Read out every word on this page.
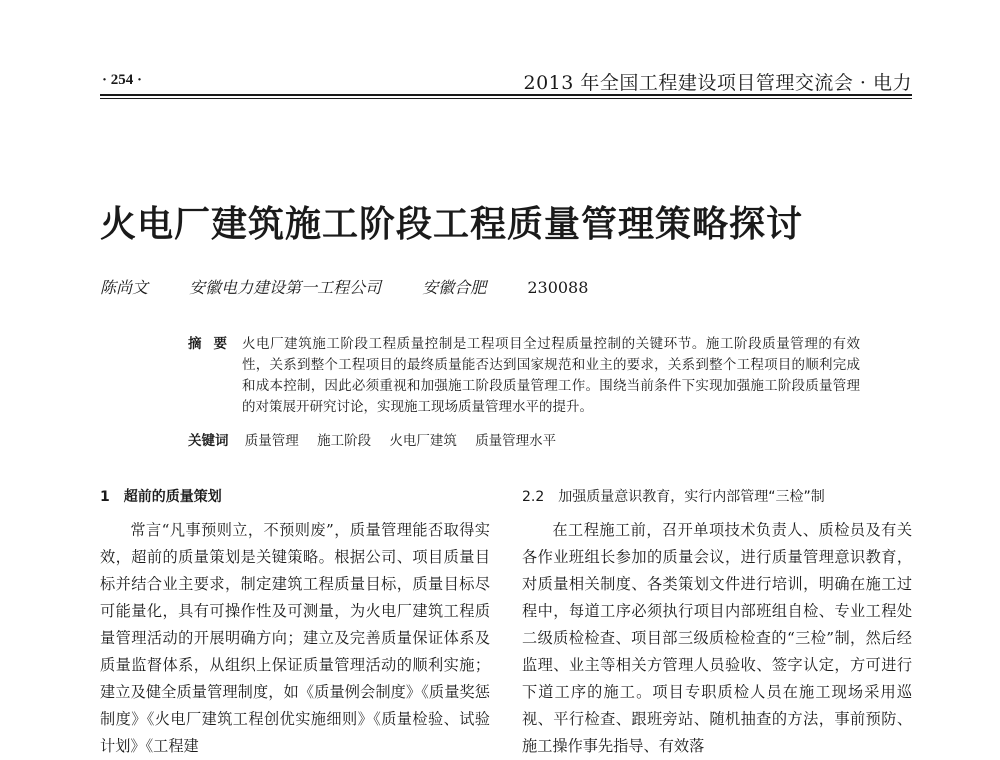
· 254 ·	2013 年全国工程建设项目管理交流会 · 电力
火电厂建筑施工阶段工程质量管理策略探讨
陈尚文	安徽电力建设第一工程公司	安徽合肥	230088
摘要 火电厂建筑施工阶段工程质量控制是工程项目全过程质量控制的关键环节。施工阶段质量管理的有效性，关系到整个工程项目的最终质量能否达到国家规范和业主的要求，关系到整个工程项目的顺利完成和成本控制，因此必须重视和加强施工阶段质量管理工作。围绕当前条件下实现加强施工阶段质量管理的对策展开研究讨论，实现施工现场质量管理水平的提升。
关键词 质量管理 施工阶段 火电厂建筑 质量管理水平
1　超前的质量策划
常言“凡事预则立，不预则废”，质量管理能否取得实效，超前的质量策划是关键策略。根据公司、项目质量目标并结合业主要求，制定建筑工程质量目标，质量目标尽可能量化，具有可操作性及可测量，为火电厂建筑工程质量管理活动的开展明确方向；建立及完善质量保证体系及质量监督体系，从组织上保证质量管理活动的顺利实施；建立及健全质量管理制度，如《质量例会制度》《质量奖惩制度》《火电厂建筑工程创优实施细则》《质量检验、试验计划》《工程建
2.2　加强质量意识教育，实行内部管理“三检”制
在工程施工前，召开单项技术负责人、质检员及有关各作业班组长参加的质量会议，进行质量管理意识教育，对质量相关制度、各类策划文件进行培训，明确在施工过程中，每道工序必须执行项目内部班组自检、专业工程处二级质检检查、项目部三级质检检查的“三检”制，然后经监理、业主等相关方管理人员验收、签字认定，方可进行下道工序的施工。项目专职质检人员在施工现场采用巡视、平行检查、跟班旁站、随机抽查的方法，事前预防、施工操作事先指导、有效落
